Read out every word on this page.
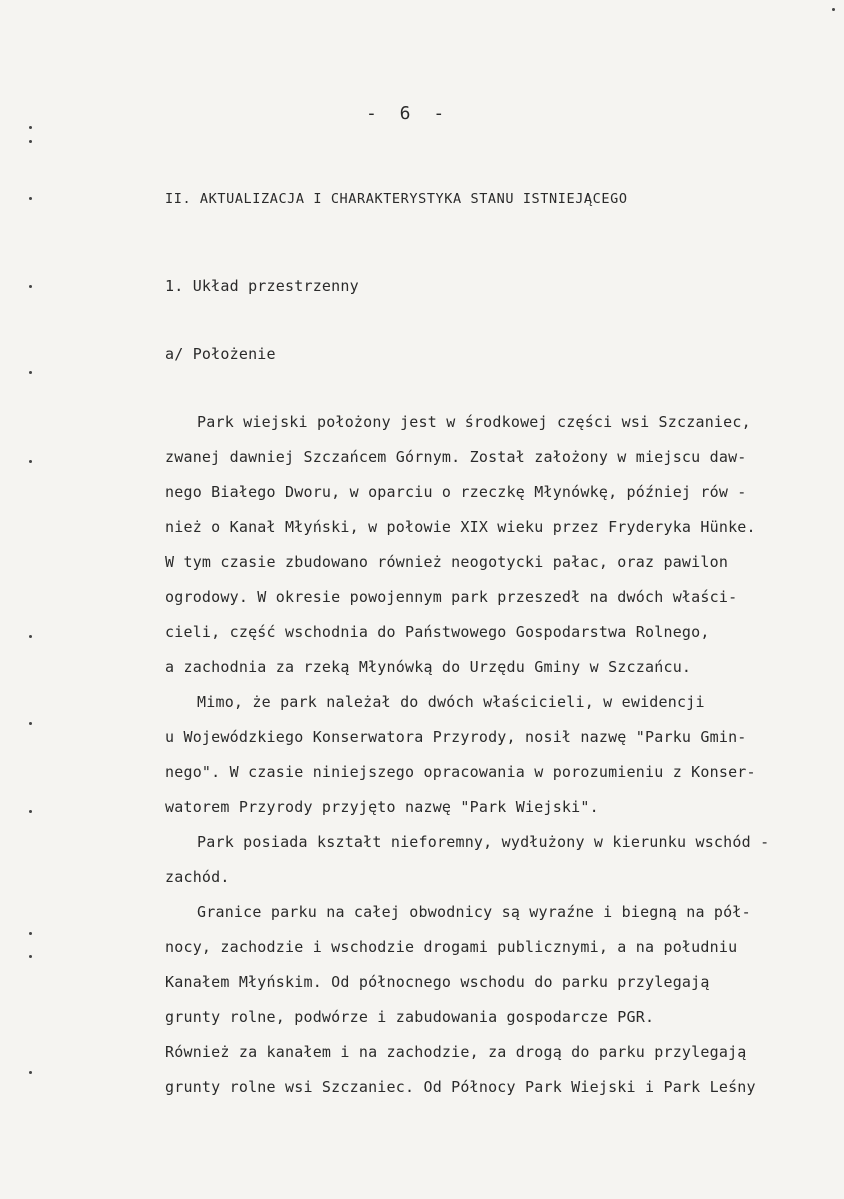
- 6 -
II. AKTUALIZACJA I CHARAKTERYSTYKA STANU ISTNIEJĄCEGO
1. Układ przestrzenny
a/ Położenie
Park wiejski położony jest w środkowej części wsi Szczaniec,
zwanej dawniej Szczańcem Górnym. Został założony w miejscu daw-
nego Białego Dworu, w oparciu o rzeczkę Młynówkę, później rów -
nież o Kanał Młyński, w połowie XIX wieku przez Fryderyka Hünke.
W tym czasie zbudowano również neogotycki pałac, oraz pawilon
ogrodowy. W okresie powojennym park przeszedł na dwóch właści-
cieli, część wschodnia do Państwowego Gospodarstwa Rolnego,
a zachodnia za rzeką Młynówką do Urzędu Gminy w Szczańcu.
Mimo, że park należał do dwóch właścicieli, w ewidencji
u Wojewódzkiego Konserwatora Przyrody, nosił nazwę "Parku Gmin-
nego". W czasie niniejszego opracowania w porozumieniu z Konser-
watorem Przyrody przyjęto nazwę "Park Wiejski".
Park posiada kształt nieforemny, wydłużony w kierunku wschód -
zachód.
Granice parku na całej obwodnicy są wyraźne i biegną na pół-
nocy, zachodzie i wschodzie drogami publicznymi, a na południu
Kanałem Młyńskim. Od północnego wschodu do parku przylegają
grunty rolne, podwórze i zabudowania gospodarcze PGR.
Również za kanałem i na zachodzie, za drogą do parku przylegają
grunty rolne wsi Szczaniec. Od Północy Park Wiejski i Park Leśny
